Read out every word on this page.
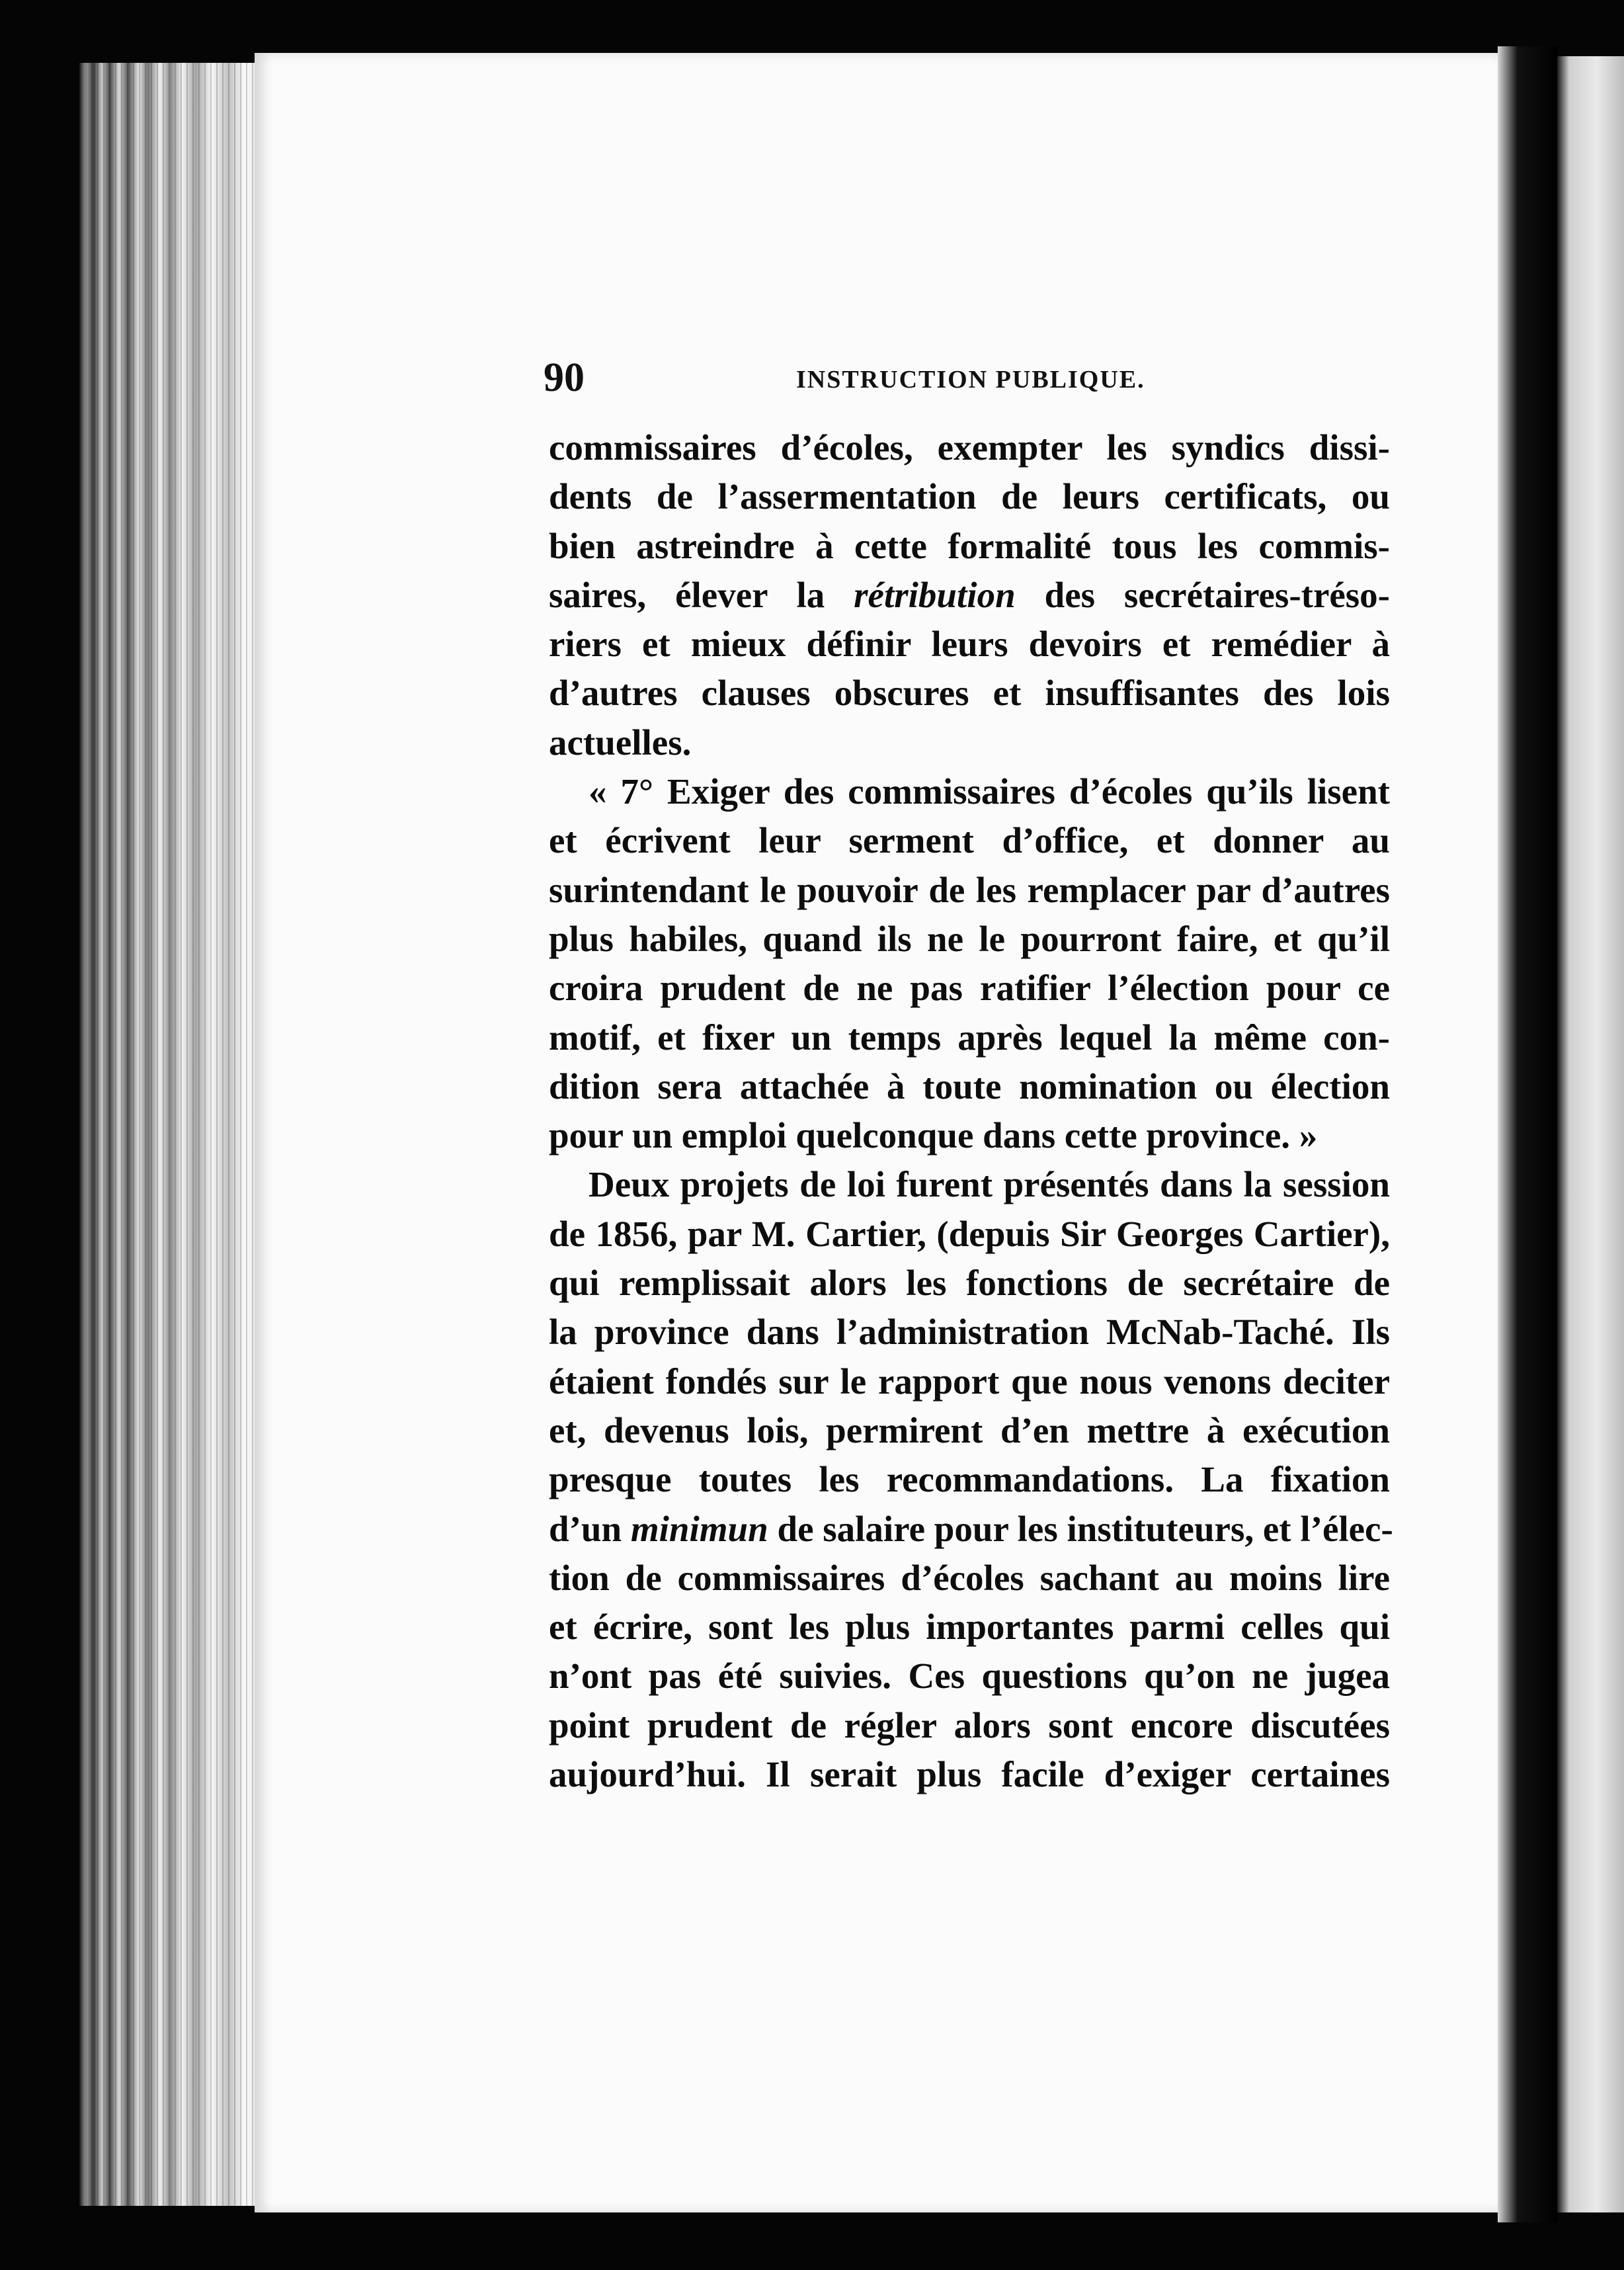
90	INSTRUCTION PUBLIQUE.
commissaires d’écoles, exempter les syndics dissi-
dents de l’assermentation de leurs certificats, ou
bien astreindre à cette formalité tous les commis-
saires, élever la rétribution des secrétaires-tréso-
riers et mieux définir leurs devoirs et remédier à
d’autres clauses obscures et insuffisantes des lois
actuelles.
« 7° Exiger des commissaires d’écoles qu’ils lisent
et écrivent leur serment d’office, et donner au
surintendant le pouvoir de les remplacer par d’autres
plus habiles, quand ils ne le pourront faire, et qu’il
croira prudent de ne pas ratifier l’élection pour ce
motif, et fixer un temps après lequel la même con-
dition sera attachée à toute nomination ou élection
pour un emploi quelconque dans cette province. »
Deux projets de loi furent présentés dans la session
de 1856, par M. Cartier, (depuis Sir Georges Cartier),
qui remplissait alors les fonctions de secrétaire de
la province dans l’administration McNab-Taché. Ils
étaient fondés sur le rapport que nous venons deciter
et, devenus lois, permirent d’en mettre à exécution
presque toutes les recommandations. La fixation
d’un minimun de salaire pour les instituteurs, et l’élec-
tion de commissaires d’écoles sachant au moins lire
et écrire, sont les plus importantes parmi celles qui
n’ont pas été suivies. Ces questions qu’on ne jugea
point prudent de régler alors sont encore discutées
aujourd’hui. Il serait plus facile d’exiger certaines
